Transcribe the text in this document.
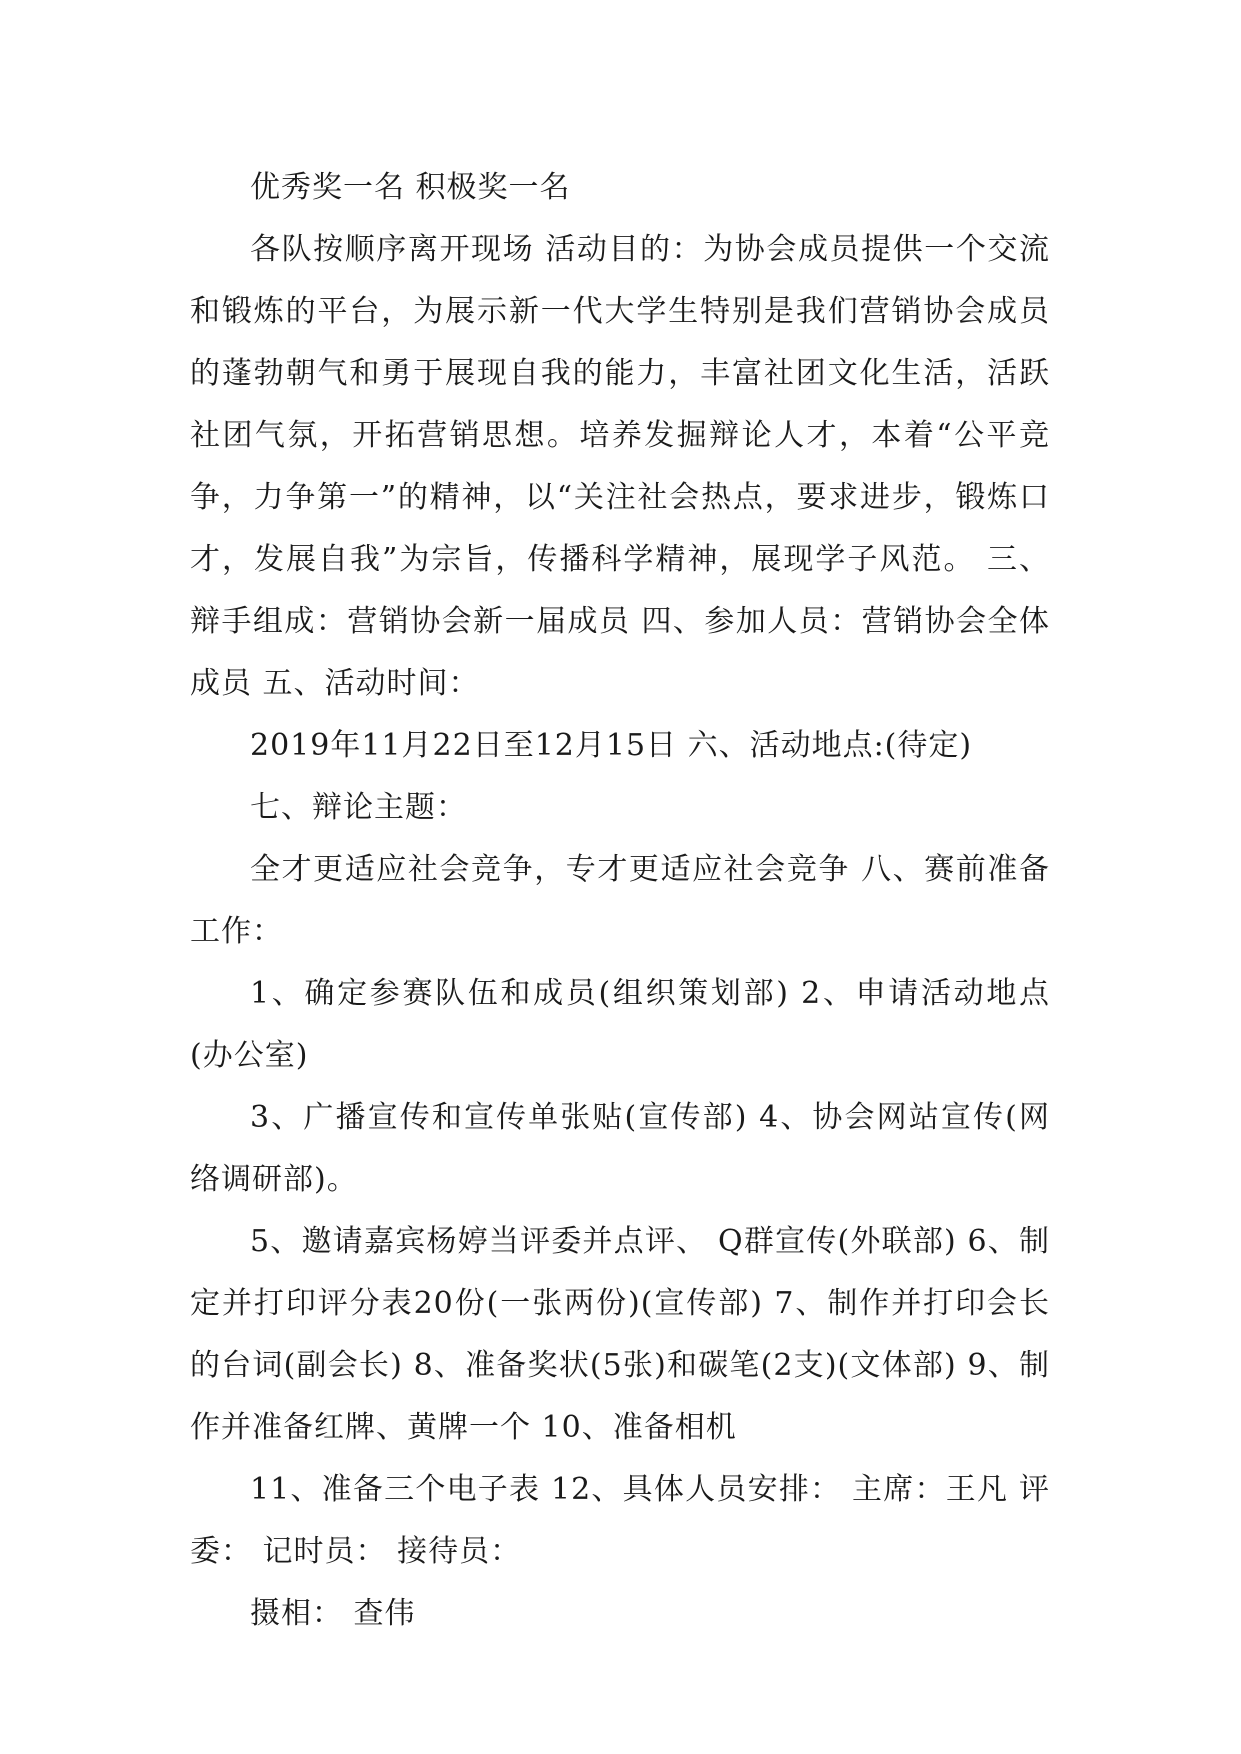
优秀奖一名 积极奖一名

各队按顺序离开现场 活动目的：为协会成员提供一个交流和锻炼的平台，为展示新一代大学生特别是我们营销协会成员的蓬勃朝气和勇于展现自我的能力，丰富社团文化生活，活跃社团气氛，开拓营销思想。培养发掘辩论人才，本着“公平竞争，力争第一”的精神，以“关注社会热点，要求进步，锻炼口才，发展自我”为宗旨，传播科学精神，展现学子风范。 三、辩手组成：营销协会新一届成员 四、参加人员：营销协会全体成员 五、活动时间：

2019年11月22日至12月15日 六、活动地点:(待定)

七、辩论主题：

全才更适应社会竞争，专才更适应社会竞争 八、赛前准备工作：

1、确定参赛队伍和成员(组织策划部) 2、申请活动地点 (办公室)

3、广播宣传和宣传单张贴(宣传部) 4、协会网站宣传(网络调研部)。

5、邀请嘉宾杨婷当评委并点评、 Q群宣传(外联部) 6、制定并打印评分表20份(一张两份)(宣传部) 7、制作并打印会长的台词(副会长) 8、准备奖状(5张)和碳笔(2支)(文体部) 9、制作并准备红牌、黄牌一个 10、准备相机

11、准备三个电子表 12、具体人员安排： 主席：王凡 评委： 记时员： 接待员：

摄相： 查伟
